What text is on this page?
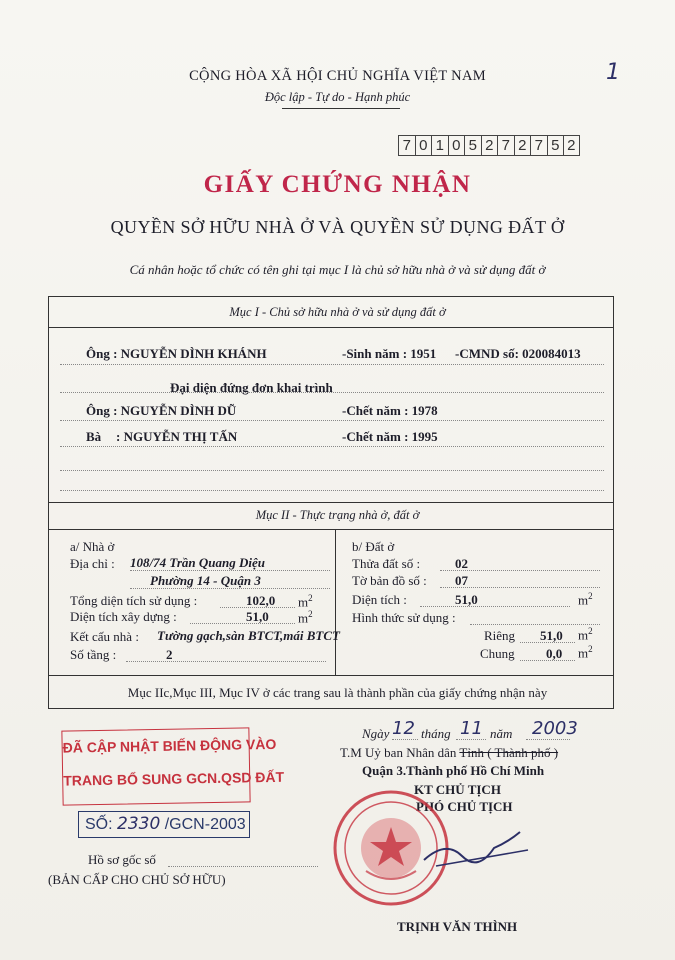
CỘNG HÒA XÃ HỘI CHỦ NGHĨA VIỆT NAM
Độc lập - Tự do - Hạnh phúc
1
7 0 1 0 5 2 7 2 7 5 2
GIẤY CHỨNG NHẬN
QUYỀN SỞ HỮU NHÀ Ở VÀ QUYỀN SỬ DỤNG ĐẤT Ở
Cá nhân hoặc tổ chức có tên ghi tại mục I là chủ sở hữu nhà ở và sử dụng đất ở
Mục I - Chủ sở hữu nhà ở và sử dụng đất ở
Ông : NGUYỄN DÌNH KHÁNH	-Sinh năm : 1951 -CMND số: 020084013
Đại diện đứng đơn khai trình
Ông : NGUYỄN DÌNH DŨ	-Chết năm : 1978
Bà : NGUYỄN THỊ TẤN	-Chết năm : 1995
Mục II - Thực trạng nhà ở, đất ở
a/ Nhà ở
Địa chỉ : 108/74 Trần Quang Diệu
Phường 14 - Quận 3
Tổng diện tích sử dụng :	102,0 $m^2$
Diện tích xây dựng :	51,0 $m^2$
Kết cấu nhà : Tường gạch,sàn BTCT,mái BTCT
Số tầng :	2
b/ Đất ở
Thửa đất số :	02
Tờ bản đồ số : 07
Diện tích :	51,0	$m^2$
Hình thức sử dụng :
Riêng 51,0 $m^2$
Chung 0,0 $m^2$
Mục IIc,Mục III, Mục IV ở các trang sau là thành phần của giấy chứng nhận này
Ngày 12 tháng 11 năm 2003
T.M Uỷ ban Nhân dân Tỉnh ( Thành phố )
Quận 3.Thành phố Hồ Chí Minh
KT CHỦ TỊCH
PHÓ CHỦ TỊCH
TRỊNH VĂN THÌNH
ĐÃ CẬP NHẬT BIẾN ĐỘNG VÀO
TRANG BỔ SUNG GCN.QSD ĐẤT
SỐ: 2330 /GCN-2003
Hồ sơ gốc số
(BẢN CẤP CHO CHỦ SỞ HỮU)
